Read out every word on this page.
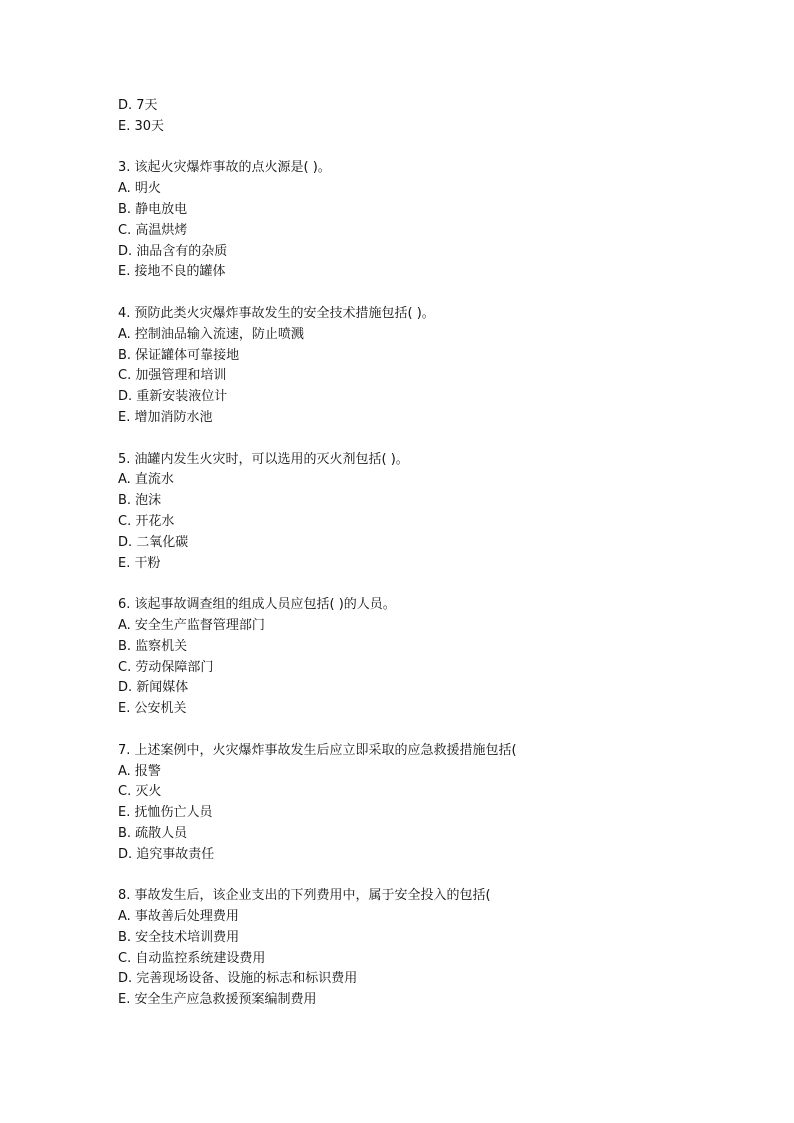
D. 7天
E. 30天
3. 该起火灾爆炸事故的点火源是( )。
A. 明火
B. 静电放电
C. 高温烘烤
D. 油品含有的杂质
E. 接地不良的罐体
4. 预防此类火灾爆炸事故发生的安全技术措施包括( )。
A. 控制油品输入流速，防止喷溅
B. 保证罐体可靠接地
C. 加强管理和培训
D. 重新安装液位计
E. 增加消防水池
5. 油罐内发生火灾时，可以选用的灭火剂包括( )。
A. 直流水
B. 泡沫
C. 开花水
D. 二氧化碳
E. 干粉
6. 该起事故调查组的组成人员应包括( )的人员。
A. 安全生产监督管理部门
B. 监察机关
C. 劳动保障部门
D. 新闻媒体
E. 公安机关
7. 上述案例中，火灾爆炸事故发生后应立即采取的应急救援措施包括(
A. 报警
C. 灭火
E. 抚恤伤亡人员
B. 疏散人员
D. 追究事故责任
8. 事故发生后，该企业支出的下列费用中，属于安全投入的包括(
A. 事故善后处理费用
B. 安全技术培训费用
C. 自动监控系统建设费用
D. 完善现场设备、设施的标志和标识费用
E. 安全生产应急救援预案编制费用
